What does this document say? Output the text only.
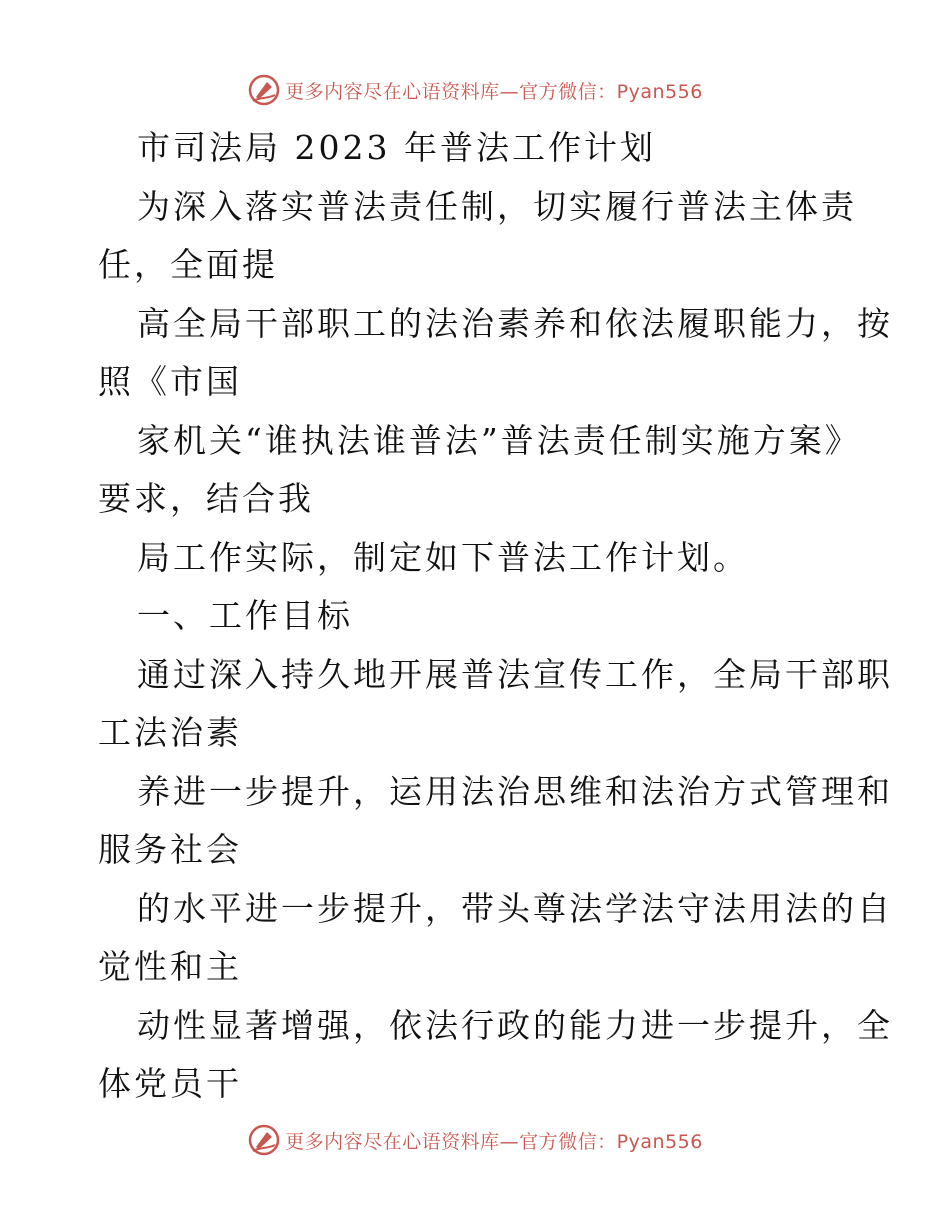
更多内容尽在心语资料库—官方微信：Pyan556
市司法局 2023 年普法工作计划
为深入落实普法责任制，切实履行普法主体责
任，全面提
高全局干部职工的法治素养和依法履职能力，按
照《市国
家机关“谁执法谁普法”普法责任制实施方案》
要求，结合我
局工作实际，制定如下普法工作计划。
一、工作目标
通过深入持久地开展普法宣传工作，全局干部职
工法治素
养进一步提升，运用法治思维和法治方式管理和
服务社会
的水平进一步提升，带头尊法学法守法用法的自
觉性和主
动性显著增强，依法行政的能力进一步提升，全
体党员干
更多内容尽在心语资料库—官方微信：Pyan556
